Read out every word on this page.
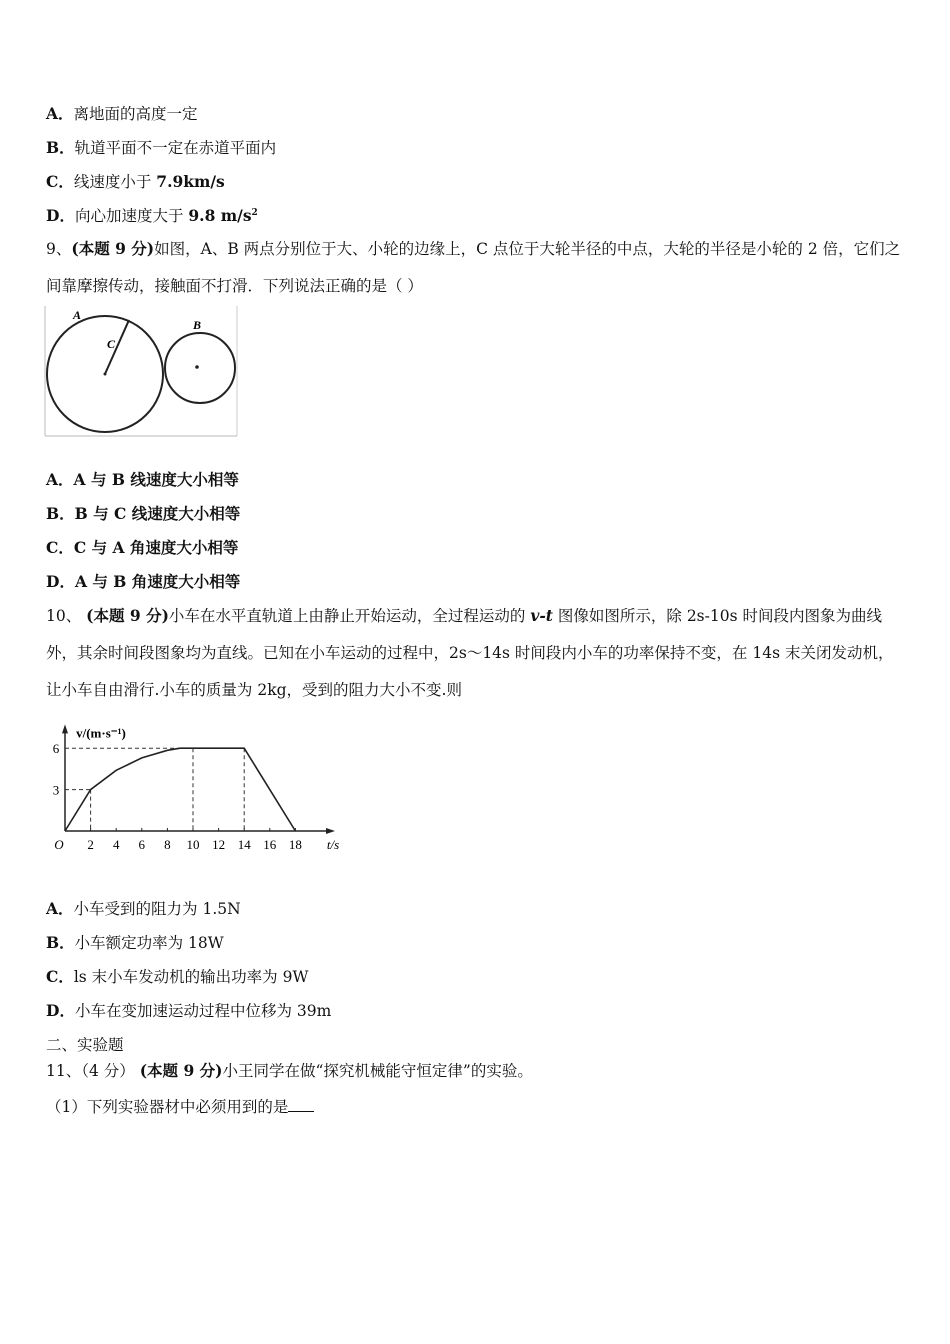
A．离地面的高度一定
B．轨道平面不一定在赤道平面内
C．线速度小于 7.9km/s
D．向心加速度大于 9.8 $m/s^2$
9、(本题 9 分)如图，A、B 两点分别位于大、小轮的边缘上，C 点位于大轮半径的中点，大轮的半径是小轮的 2 倍，它们之间靠摩擦传动，接触面不打滑．下列说法正确的是（ ）
A
C
B
A．A 与 B 线速度大小相等
B．B 与 C 线速度大小相等
C．C 与 A 角速度大小相等
D．A 与 B 角速度大小相等
10、 (本题 9 分)小车在水平直轨道上由静止开始运动，全过程运动的 v-t 图像如图所示，除 2s-10s 时间段内图象为曲线外，其余时间段图象均为直线。已知在小车运动的过程中，2s～14s 时间段内小车的功率保持不变，在 14s 末关闭发动机，让小车自由滑行.小车的质量为 2kg，受到的阻力大小不变.则
2 4 6 8 10 12 14 16 18
3
6
O	t/s
v/(m·s⁻¹)
A．小车受到的阻力为 1.5N
B．小车额定功率为 18W
C．ls 末小车发动机的输出功率为 9W
D．小车在变加速运动过程中位移为 39m
二、实验题
11、（4 分） (本题 9 分)小王同学在做“探究机械能守恒定律”的实验。
（1）下列实验器材中必须用到的是
